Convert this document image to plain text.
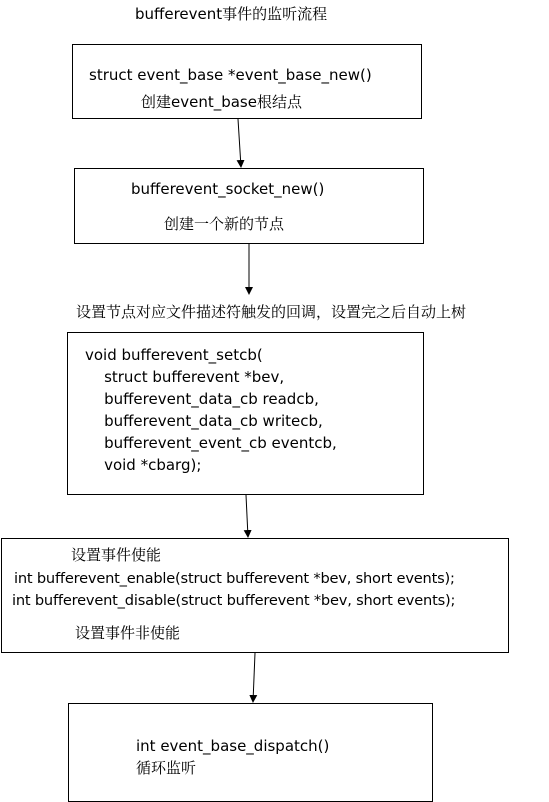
bufferevent事件的监听流程
struct event_base *event_base_new()
创建event_base根结点
bufferevent_socket_new()
创建一个新的节点
设置节点对应文件描述符触发的回调，设置完之后自动上树
void bufferevent_setcb(
struct bufferevent *bev,
bufferevent_data_cb readcb,
bufferevent_data_cb writecb,
bufferevent_event_cb eventcb,
void *cbarg);
设置事件使能
int bufferevent_enable(struct bufferevent *bev, short events);
int bufferevent_disable(struct bufferevent *bev, short events);
设置事件非使能
int event_base_dispatch()
循环监听
